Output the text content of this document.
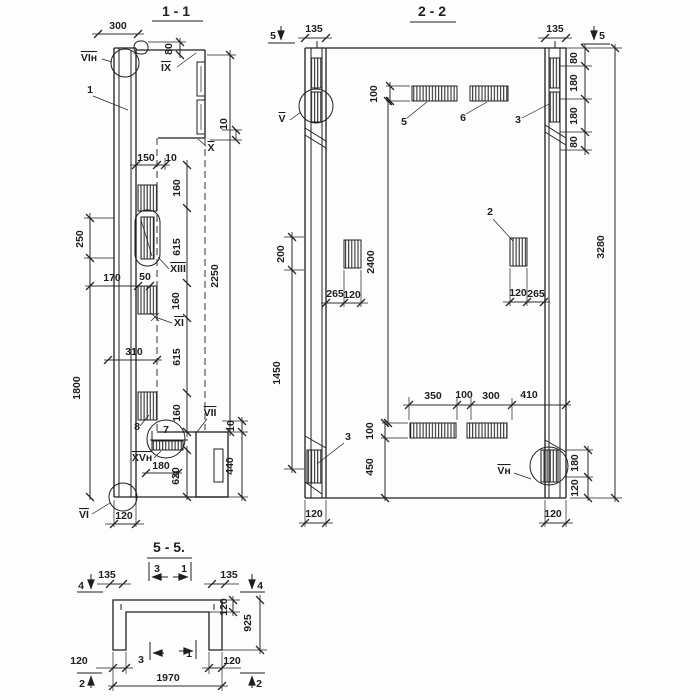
1 - 1	2 - 2
5 - 5.
300
80
VIн
1
IX
150 10
X
10
160
615
XIII
160
XI
615
160
2250
250
1800
170 50
310
8 7
VII
XVн
180
620
440
10
VI	120
135	135
5	5
V
100
5	6	3
80
180
180
80
3280
2
120 265
265 120
200	2400
1450
350 100 300 410
100
450
3
Vн	180
120
120	120
4	4
135	135
3 1
3	1
120
925
120	120
1970
2	2
